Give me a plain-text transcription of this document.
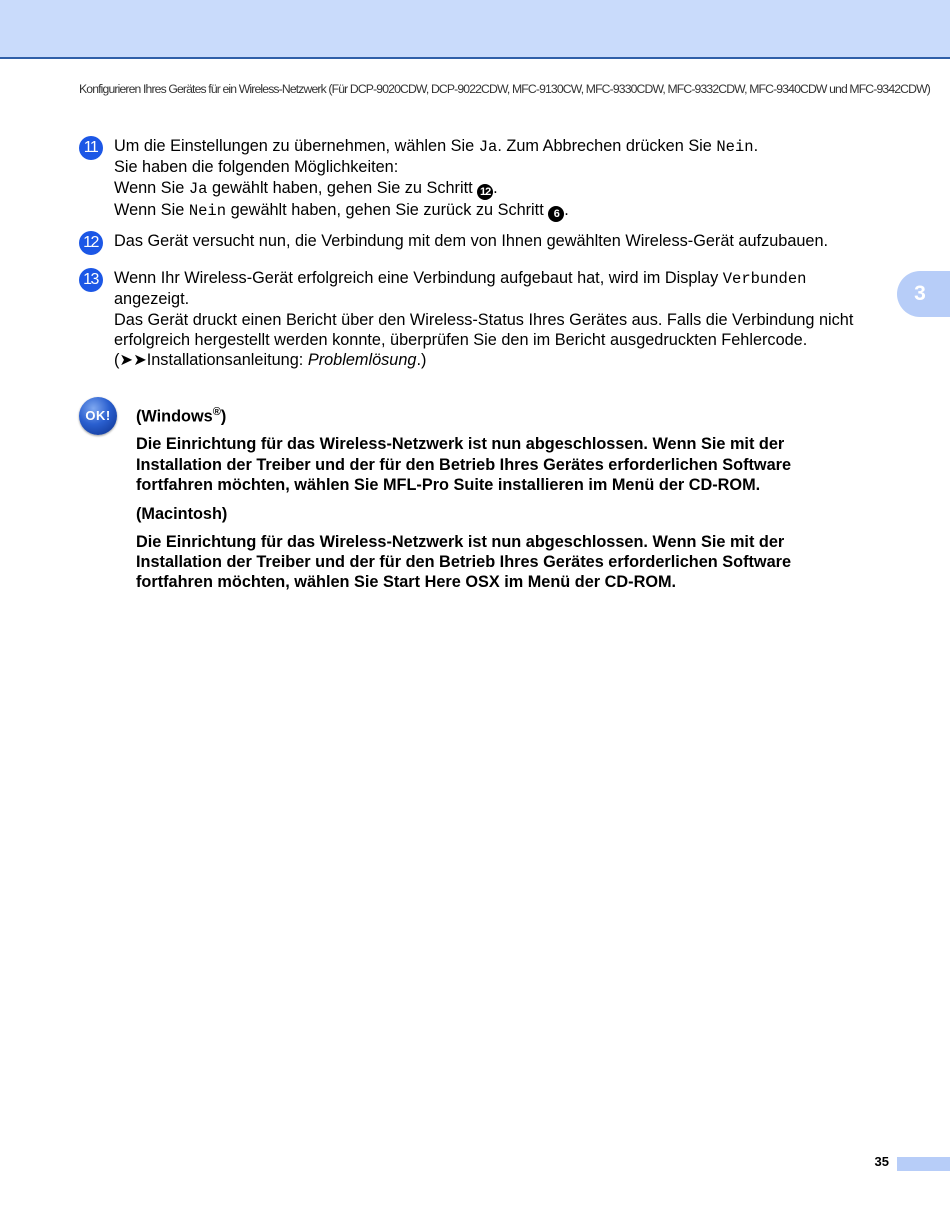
Konfigurieren Ihres Gerätes für ein Wireless-Netzwerk (Für DCP-9020CDW, DCP-9022CDW, MFC-9130CW, MFC-9330CDW, MFC-9332CDW, MFC-9340CDW und MFC-9342CDW)
3
11	Um die Einstellungen zu übernehmen, wählen Sie Ja. Zum Abbrechen drücken Sie Nein.
Sie haben die folgenden Möglichkeiten:
Wenn Sie Ja gewählt haben, gehen Sie zu Schritt 12 .
Wenn Sie Nein gewählt haben, gehen Sie zurück zu Schritt 6 .
12 Das Gerät versucht nun, die Verbindung mit dem von Ihnen gewählten Wireless-Gerät aufzubauen.
13 Wenn Ihr Wireless-Gerät erfolgreich eine Verbindung aufgebaut hat, wird im Display Verbunden
angezeigt.
Das Gerät druckt einen Bericht über den Wireless-Status Ihres Gerätes aus. Falls die Verbindung nicht
erfolgreich hergestellt werden konnte, überprüfen Sie den im Bericht ausgedruckten Fehlercode.
(➤➤Installationsanleitung: Problemlösung.)
OK!	(Windows®)

Die Einrichtung für das Wireless-Netzwerk ist nun abgeschlossen. Wenn Sie mit der
Installation der Treiber und der für den Betrieb Ihres Gerätes erforderlichen Software
fortfahren möchten, wählen Sie MFL-Pro Suite installieren im Menü der CD-ROM.

(Macintosh)

Die Einrichtung für das Wireless-Netzwerk ist nun abgeschlossen. Wenn Sie mit der
Installation der Treiber und der für den Betrieb Ihres Gerätes erforderlichen Software
fortfahren möchten, wählen Sie Start Here OSX im Menü der CD-ROM.

35
